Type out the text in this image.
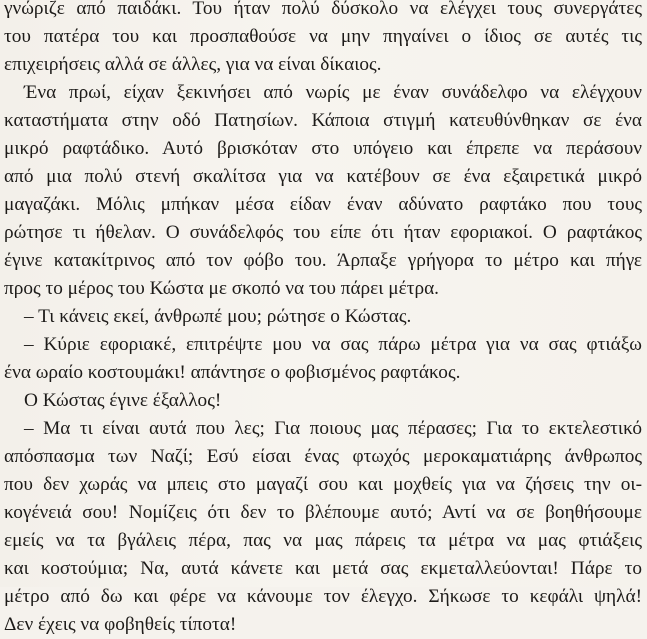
γνώριζε από παιδάκι. Του ήταν πολύ δύσκολο να ελέγχει τους συνεργάτες
του πατέρα του και προσπαθούσε να μην πηγαίνει ο ίδιος σε αυτές τις
επιχειρήσεις αλλά σε άλλες, για να είναι δίκαιος.
Ένα πρωί, είχαν ξεκινήσει από νωρίς με έναν συνάδελφο να ελέγχουν
καταστήματα στην οδό Πατησίων. Κάποια στιγμή κατευθύνθηκαν σε ένα
μικρό ραφτάδικο. Αυτό βρισκόταν στο υπόγειο και έπρεπε να περάσουν
από μια πολύ στενή σκαλίτσα για να κατέβουν σε ένα εξαιρετικά μικρό
μαγαζάκι. Μόλις μπήκαν μέσα είδαν έναν αδύνατο ραφτάκο που τους
ρώτησε τι ήθελαν. Ο συνάδελφός του είπε ότι ήταν εφοριακοί. Ο ραφτάκος
έγινε κατακίτρινος από τον φόβο του. Άρπαξε γρήγορα το μέτρο και πήγε
προς το μέρος του Κώστα με σκοπό να του πάρει μέτρα.
– Τι κάνεις εκεί, άνθρωπέ μου; ρώτησε ο Κώστας.
– Κύριε εφοριακέ, επιτρέψτε μου να σας πάρω μέτρα για να σας φτιάξω
ένα ωραίο κοστουμάκι! απάντησε ο φοβισμένος ραφτάκος.
Ο Κώστας έγινε έξαλλος!
– Μα τι είναι αυτά που λες; Για ποιους μας πέρασες; Για το εκτελεστικό
απόσπασμα των Ναζί; Εσύ είσαι ένας φτωχός μεροκαματιάρης άνθρωπος
που δεν χωράς να μπεις στο μαγαζί σου και μοχθείς για να ζήσεις την οι-
κογένειά σου! Νομίζεις ότι δεν το βλέπουμε αυτό; Αντί να σε βοηθήσουμε
εμείς να τα βγάλεις πέρα, πας να μας πάρεις τα μέτρα να μας φτιάξεις
και κοστούμια; Να, αυτά κάνετε και μετά σας εκμεταλλεύονται! Πάρε το
μέτρο από δω και φέρε να κάνουμε τον έλεγχο. Σήκωσε το κεφάλι ψηλά!
Δεν έχεις να φοβηθείς τίποτα!
